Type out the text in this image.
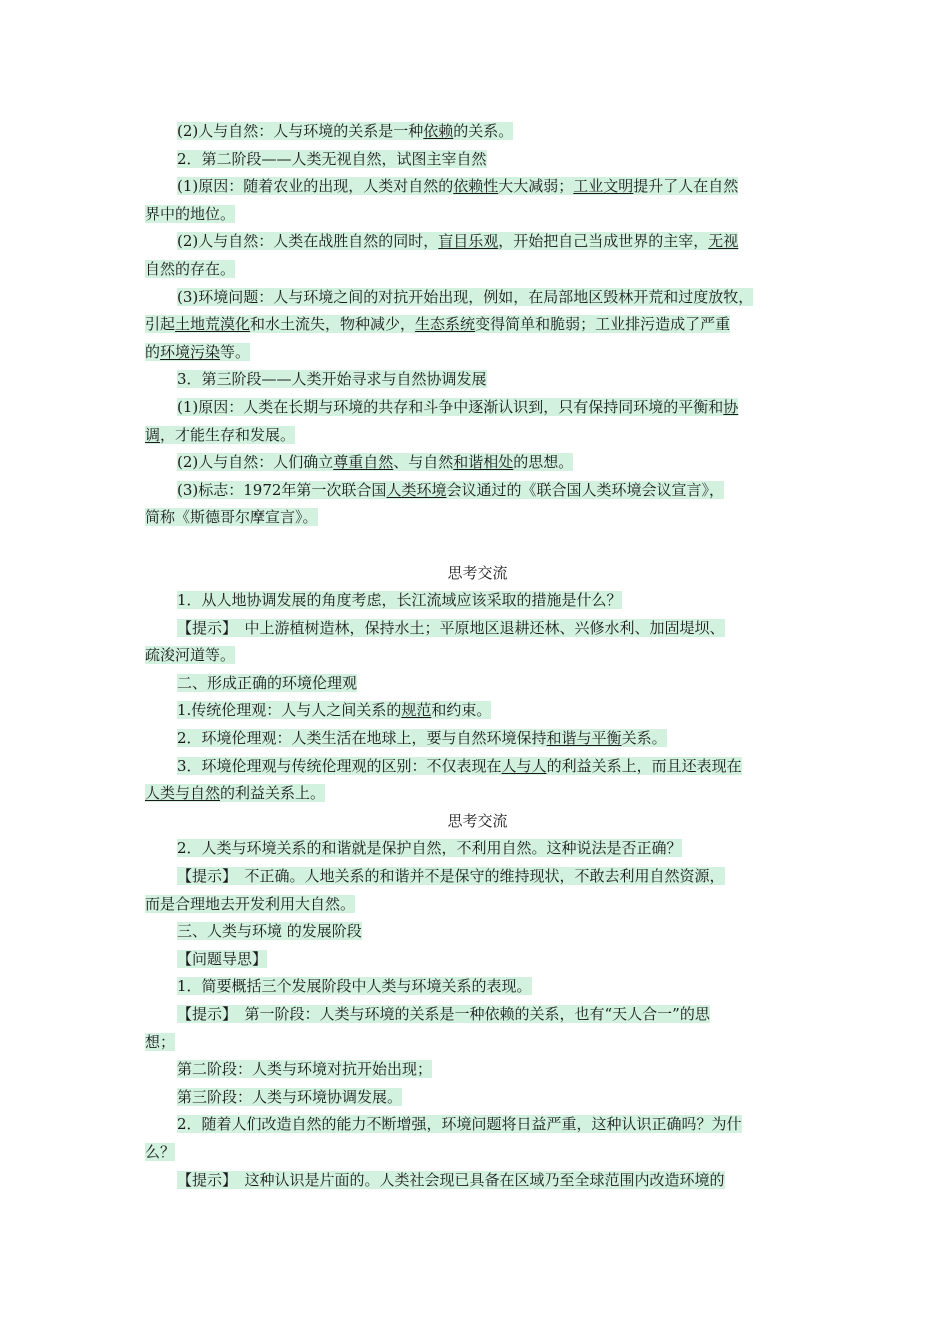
(2)人与自然：人与环境的关系是一种依赖的关系。
2．第二阶段——人类无视自然，试图主宰自然
(1)原因：随着农业的出现，人类对自然的依赖性大大减弱；工业文明提升了人在自然
界中的地位。
(2)人与自然：人类在战胜自然的同时，盲目乐观，开始把自己当成世界的主宰，无视
自然的存在。
(3)环境问题：人与环境之间的对抗开始出现，例如，在局部地区毁林开荒和过度放牧，
引起土地荒漠化和水土流失，物种减少，生态系统变得简单和脆弱；工业排污造成了严重
的环境污染等。
3．第三阶段——人类开始寻求与自然协调发展
(1)原因：人类在长期与环境的共存和斗争中逐渐认识到，只有保持同环境的平衡和协
调，才能生存和发展。
(2)人与自然：人们确立尊重自然、与自然和谐相处的思想。
(3)标志：1972年第一次联合国人类环境会议通过的《联合国人类环境会议宣言》，
简称《斯德哥尔摩宣言》。
思考交流
1．从人地协调发展的角度考虑，长江流域应该采取的措施是什么？
【提示】　中上游植树造林，保持水土；平原地区退耕还林、兴修水利、加固堤坝、
疏浚河道等。
二、形成正确的环境伦理观
1.传统伦理观：人与人之间关系的规范和约束。
2．环境伦理观：人类生活在地球上，要与自然环境保持和谐与平衡关系。
3．环境伦理观与传统伦理观的区别：不仅表现在人与人的利益关系上，而且还表现在
人类与自然的利益关系上。
思考交流
2．人类与环境关系的和谐就是保护自然，不利用自然。这种说法是否正确？
【提示】　不正确。人地关系的和谐并不是保守的维持现状，不敢去利用自然资源，
而是合理地去开发利用大自然。
三、人类与环境 的发展阶段
【问题导思】
1．简要概括三个发展阶段中人类与环境关系的表现。
【提示】　第一阶段：人类与环境的关系是一种依赖的关系，也有“天人合一”的思
想；
第二阶段：人类与环境对抗开始出现；
第三阶段：人类与环境协调发展。
2．随着人们改造自然的能力不断增强，环境问题将日益严重，这种认识正确吗？为什
么？
【提示】　这种认识是片面的。人类社会现已具备在区域乃至全球范围内改造环境的
